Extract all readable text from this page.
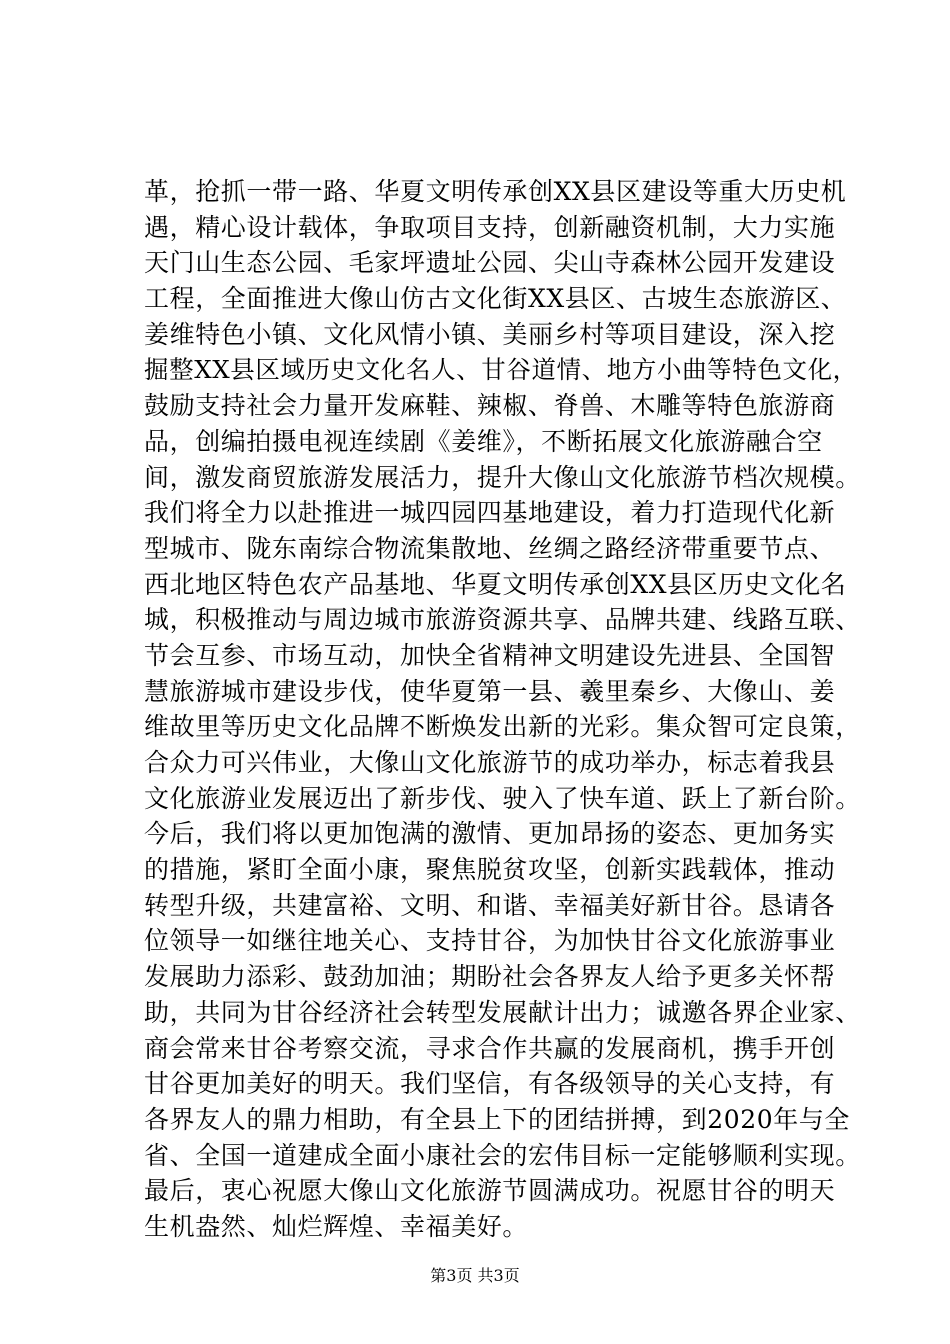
革，抢抓一带一路、华夏文明传承创XX县区建设等重大历史机
遇，精心设计载体，争取项目支持，创新融资机制，大力实施
天门山生态公园、毛家坪遗址公园、尖山寺森林公园开发建设
工程，全面推进大像山仿古文化街XX县区、古坡生态旅游区、
姜维特色小镇、文化风情小镇、美丽乡村等项目建设，深入挖
掘整XX县区域历史文化名人、甘谷道情、地方小曲等特色文化，
鼓励支持社会力量开发麻鞋、辣椒、脊兽、木雕等特色旅游商
品，创编拍摄电视连续剧《姜维》，不断拓展文化旅游融合空
间，激发商贸旅游发展活力，提升大像山文化旅游节档次规模。
我们将全力以赴推进一城四园四基地建设，着力打造现代化新
型城市、陇东南综合物流集散地、丝绸之路经济带重要节点、
西北地区特色农产品基地、华夏文明传承创XX县区历史文化名
城，积极推动与周边城市旅游资源共享、品牌共建、线路互联、
节会互参、市场互动，加快全省精神文明建设先进县、全国智
慧旅游城市建设步伐，使华夏第一县、羲里秦乡、大像山、姜
维故里等历史文化品牌不断焕发出新的光彩。集众智可定良策，
合众力可兴伟业，大像山文化旅游节的成功举办，标志着我县
文化旅游业发展迈出了新步伐、驶入了快车道、跃上了新台阶。
今后，我们将以更加饱满的激情、更加昂扬的姿态、更加务实
的措施，紧盯全面小康，聚焦脱贫攻坚，创新实践载体，推动
转型升级，共建富裕、文明、和谐、幸福美好新甘谷。恳请各
位领导一如继往地关心、支持甘谷，为加快甘谷文化旅游事业
发展助力添彩、鼓劲加油；期盼社会各界友人给予更多关怀帮
助，共同为甘谷经济社会转型发展献计出力；诚邀各界企业家、
商会常来甘谷考察交流，寻求合作共赢的发展商机，携手开创
甘谷更加美好的明天。我们坚信，有各级领导的关心支持，有
各界友人的鼎力相助，有全县上下的团结拼搏，到2020年与全
省、全国一道建成全面小康社会的宏伟目标一定能够顺利实现。
最后，衷心祝愿大像山文化旅游节圆满成功。祝愿甘谷的明天
生机盎然、灿烂辉煌、幸福美好。
第3页 共3页
